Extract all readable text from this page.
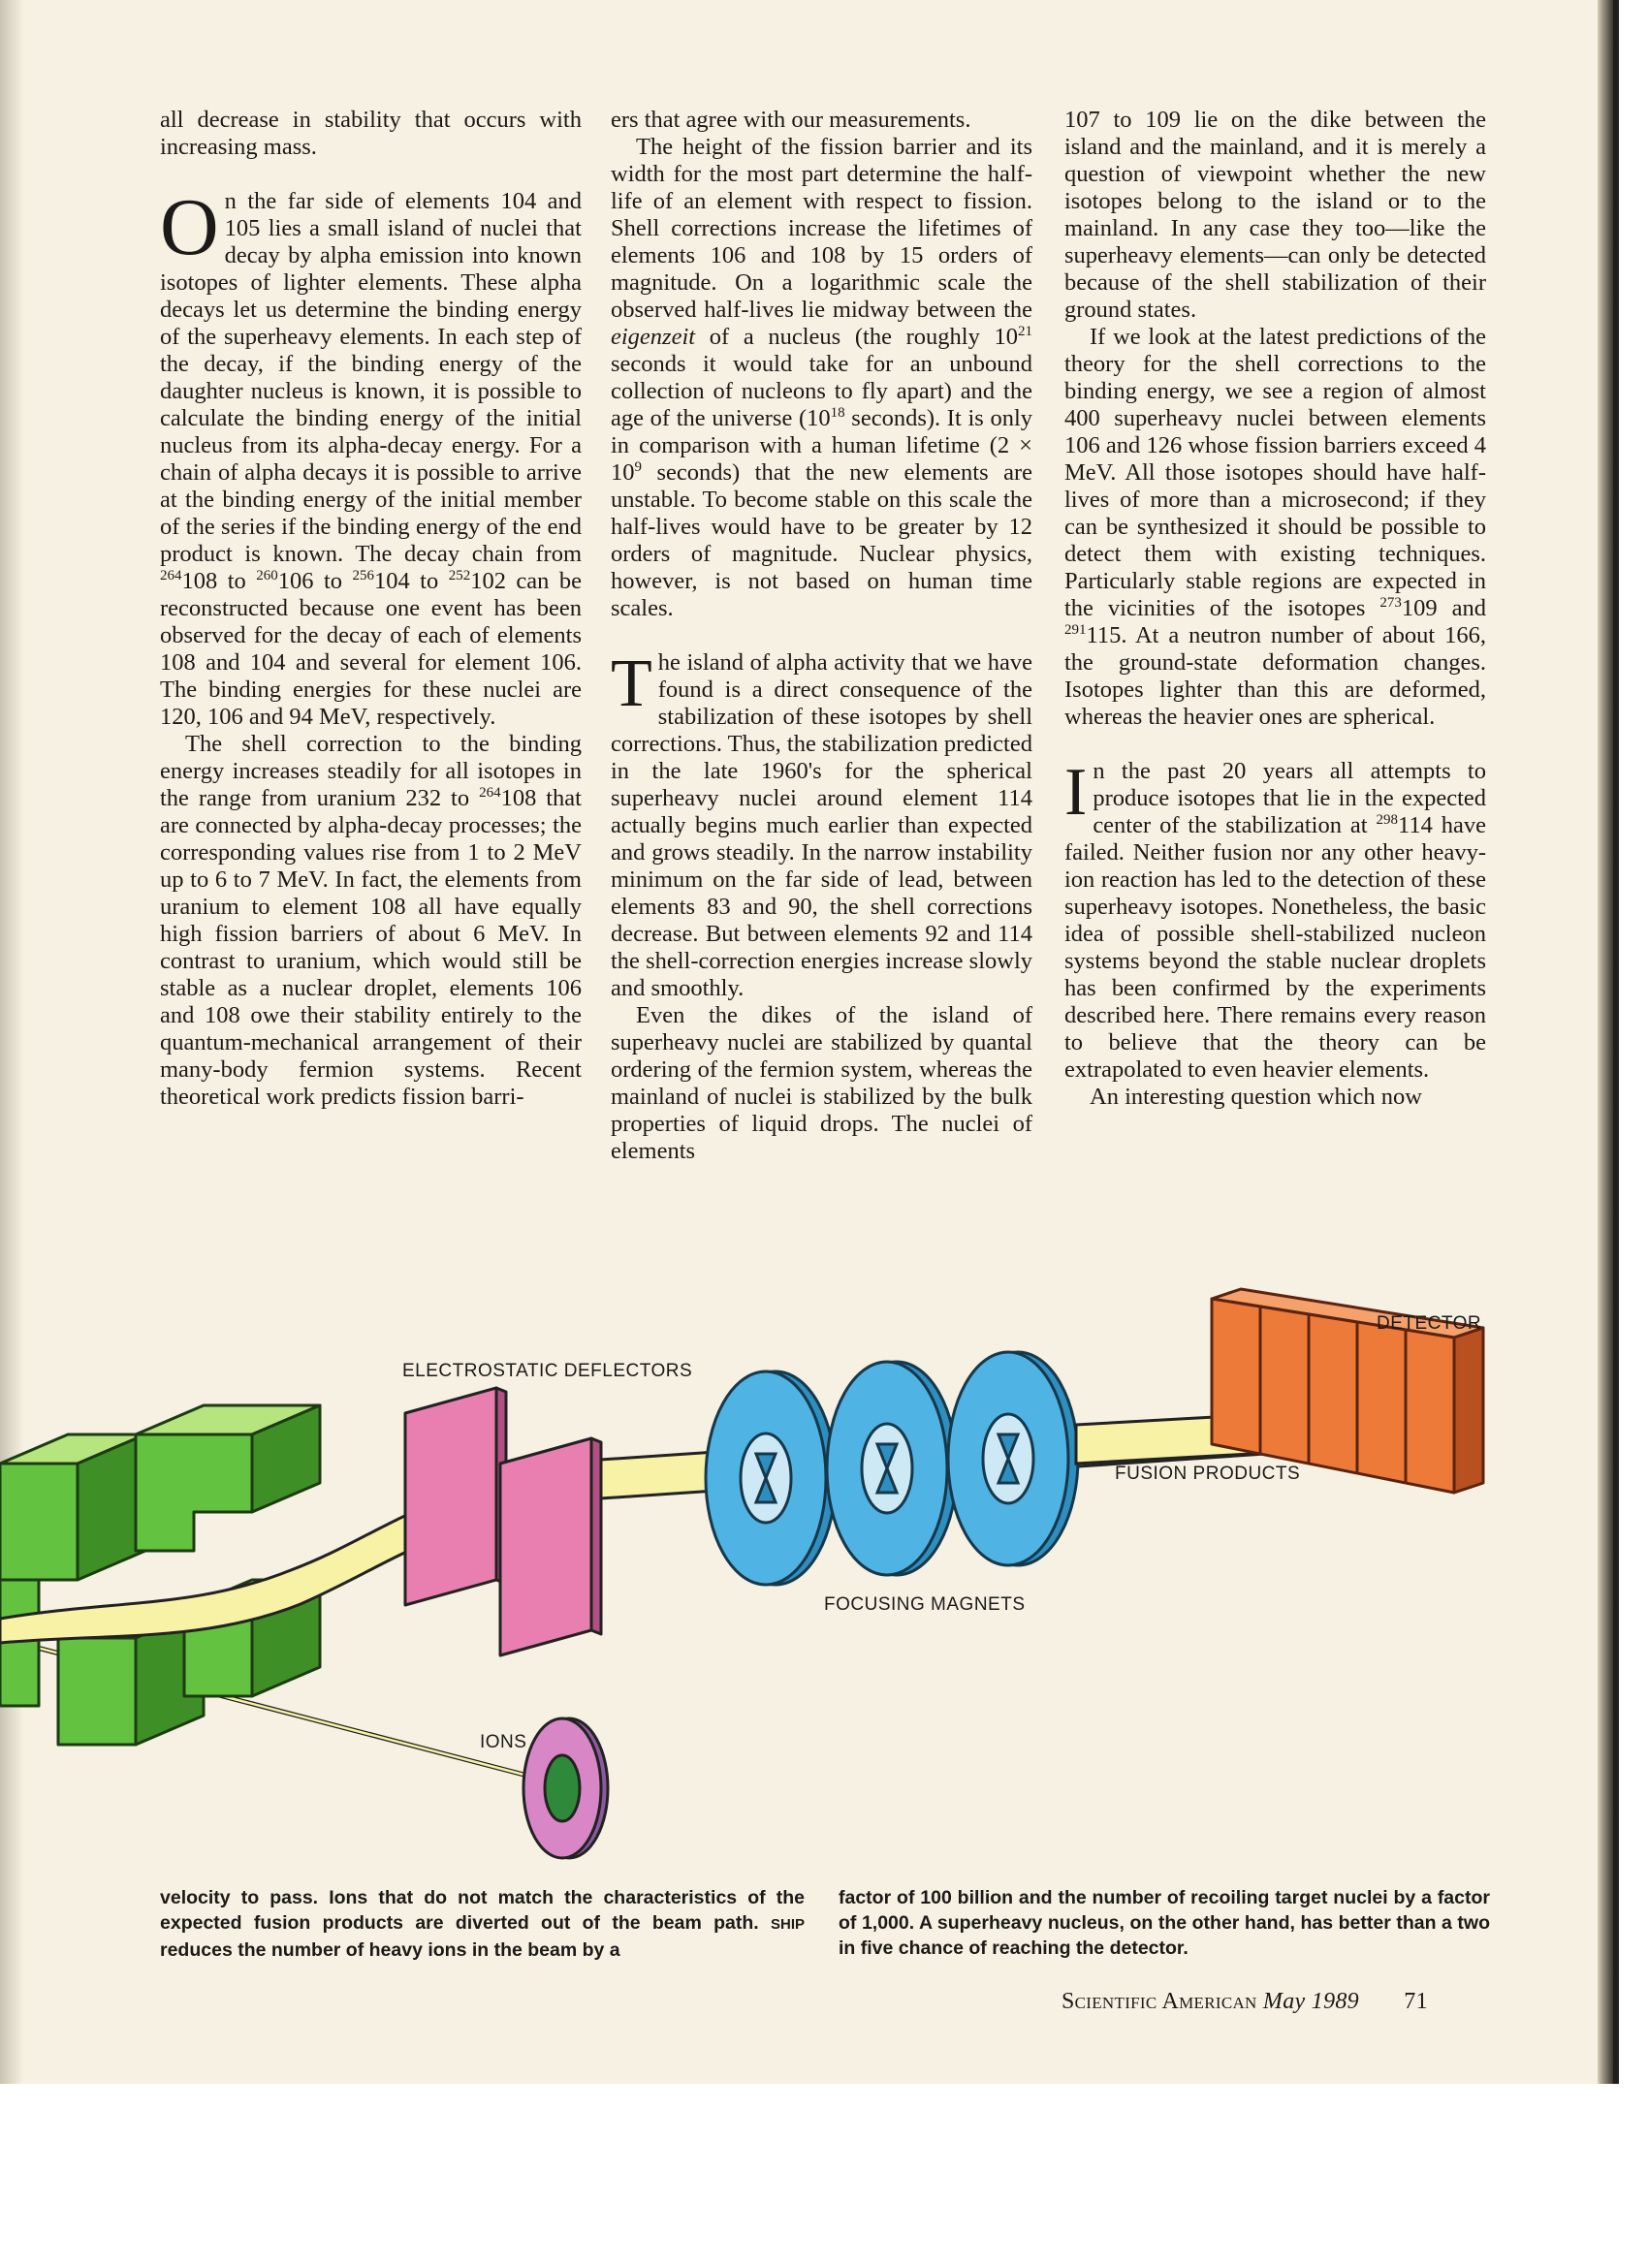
all decrease in stability that occurs with increasing mass.

On the far side of elements 104 and 105 lies a small island of nuclei that decay by alpha emission into known isotopes of lighter elements. These alpha decays let us determine the binding energy of the superheavy elements. In each step of the decay, if the binding energy of the daughter nucleus is known, it is possible to calculate the binding energy of the initial nucleus from its alpha-decay energy. For a chain of alpha decays it is possible to arrive at the binding energy of the initial member of the series if the binding energy of the end product is known. The decay chain from $^{264}$108 to $^{260}$106 to $^{256}$104 to $^{252}$102 can be reconstructed because one event has been observed for the decay of each of elements 108 and 104 and several for element 106. The binding energies for these nuclei are 120, 106 and 94 MeV, respectively.

The shell correction to the binding energy increases steadily for all isotopes in the range from uranium 232 to $^{264}$108 that are connected by alpha-decay processes; the corresponding values rise from 1 to 2 MeV up to 6 to 7 MeV. In fact, the elements from uranium to element 108 all have equally high fission barriers of about 6 MeV. In contrast to uranium, which would still be stable as a nuclear droplet, elements 106 and 108 owe their stability entirely to the quantum-mechanical arrangement of their many-body fermion systems. Recent theoretical work predicts fission barri-

ers that agree with our measurements.

The height of the fission barrier and its width for the most part determine the half-life of an element with respect to fission. Shell corrections increase the lifetimes of elements 106 and 108 by 15 orders of magnitude. On a logarithmic scale the observed half-lives lie midway between the eigenzeit of a nucleus (the roughly $10^{21}$ seconds it would take for an unbound collection of nucleons to fly apart) and the age of the universe ($10^{18}$ seconds). It is only in comparison with a human lifetime ($2 \times 10^9$ seconds) that the new elements are unstable. To become stable on this scale the half-lives would have to be greater by 12 orders of magnitude. Nuclear physics, however, is not based on human time scales.

The island of alpha activity that we have found is a direct consequence of the stabilization of these isotopes by shell corrections. Thus, the stabilization predicted in the late 1960's for the spherical superheavy nuclei around element 114 actually begins much earlier than expected and grows steadily. In the narrow instability minimum on the far side of lead, between elements 83 and 90, the shell corrections decrease. But between elements 92 and 114 the shell-correction energies increase slowly and smoothly.

Even the dikes of the island of superheavy nuclei are stabilized by quantal ordering of the fermion system, whereas the mainland of nuclei is stabilized by the bulk properties of liquid drops. The nuclei of elements

107 to 109 lie on the dike between the island and the mainland, and it is merely a question of viewpoint whether the new isotopes belong to the island or to the mainland. In any case they too—like the superheavy elements—can only be detected because of the shell stabilization of their ground states.

If we look at the latest predictions of the theory for the shell corrections to the binding energy, we see a region of almost 400 superheavy nuclei between elements 106 and 126 whose fission barriers exceed 4 MeV. All those isotopes should have half-lives of more than a microsecond; if they can be synthesized it should be possible to detect them with existing techniques. Particularly stable regions are expected in the vicinities of the isotopes $^{273}$109 and $^{291}$115. At a neutron number of about 166, the ground-state deformation changes. Isotopes lighter than this are deformed, whereas the heavier ones are spherical.

In the past 20 years all attempts to produce isotopes that lie in the expected center of the stabilization at $^{298}$114 have failed. Neither fusion nor any other heavy-ion reaction has led to the detection of these superheavy isotopes. Nonetheless, the basic idea of possible shell-stabilized nucleon systems beyond the stable nuclear droplets has been confirmed by the experiments described here. There remains every reason to believe that the theory can be extrapolated to even heavier elements.

An interesting question which now

DETECTOR
ELECTROSTATIC DEFLECTORS
FUSION PRODUCTS
FOCUSING MAGNETS
IONS
velocity to pass. Ions that do not match the characteristics of the expected fusion products are diverted out of the beam path. SHIP reduces the number of heavy ions in the beam by a
factor of 100 billion and the number of recoiling target nuclei by a factor of 1,000. A superheavy nucleus, on the other hand, has better than a two in five chance of reaching the detector.
Scientific American May 1989 71
